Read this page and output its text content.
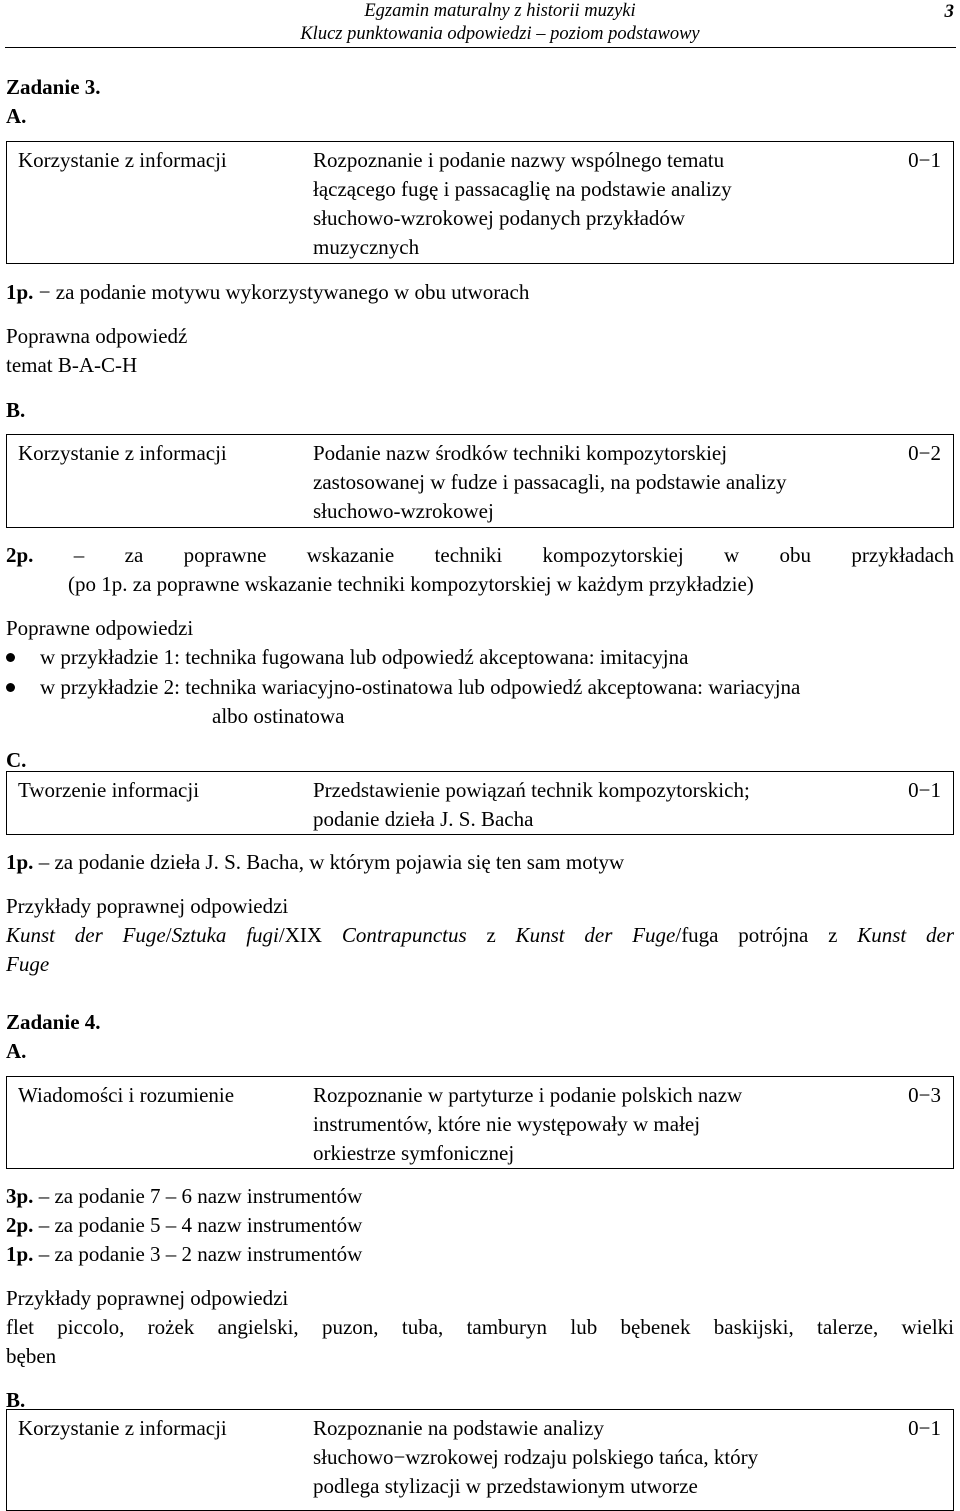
Egzamin maturalny z historii muzyki
Klucz punktowania odpowiedzi – poziom podstawowy
3
Zadanie 3.
A.
Korzystanie z informacji	Rozpoznanie i podanie nazwy wspólnego tematu
łączącego fugę i passacaglię na podstawie analizy
słuchowo-wzrokowej podanych przykładów
muzycznych
0−1
1p. − za podanie motywu wykorzystywanego w obu utworach
Poprawna odpowiedź
temat B-A-C-H
B.
Korzystanie z informacji	Podanie nazw środków techniki kompozytorskiej
zastosowanej w fudze i passacagli, na podstawie analizy
słuchowo-wzrokowej
0−2
2p. – za poprawne wskazanie techniki kompozytorskiej w obu przykładach
(po 1p. za poprawne wskazanie techniki kompozytorskiej w każdym przykładzie)
Poprawne odpowiedzi
w przykładzie 1: technika fugowana lub odpowiedź akceptowana: imitacyjna
w przykładzie 2: technika wariacyjno-ostinatowa lub odpowiedź akceptowana: wariacyjna
albo ostinatowa
C.
Tworzenie informacji	Przedstawienie powiązań technik kompozytorskich;
podanie dzieła J. S. Bacha
0−1
1p. – za podanie dzieła J. S. Bacha, w którym pojawia się ten sam motyw
Przykłady poprawnej odpowiedzi
Kunst der Fuge/Sztuka fugi/XIX Contrapunctus z Kunst der Fuge/fuga potrójna z Kunst der
Fuge
Zadanie 4.
A.
Wiadomości i rozumienie	Rozpoznanie w partyturze i podanie polskich nazw
instrumentów, które nie występowały w małej
orkiestrze symfonicznej
0−3
3p. – za podanie 7 – 6 nazw instrumentów
2p. – za podanie 5 – 4 nazw instrumentów
1p. – za podanie 3 – 2 nazw instrumentów
Przykłady poprawnej odpowiedzi
flet piccolo, rożek angielski, puzon, tuba, tamburyn lub bębenek baskijski, talerze, wielki
bęben
B.
Korzystanie z informacji	Rozpoznanie na podstawie analizy
słuchowo−wzrokowej rodzaju polskiego tańca, który
podlega stylizacji w przedstawionym utworze
0−1
